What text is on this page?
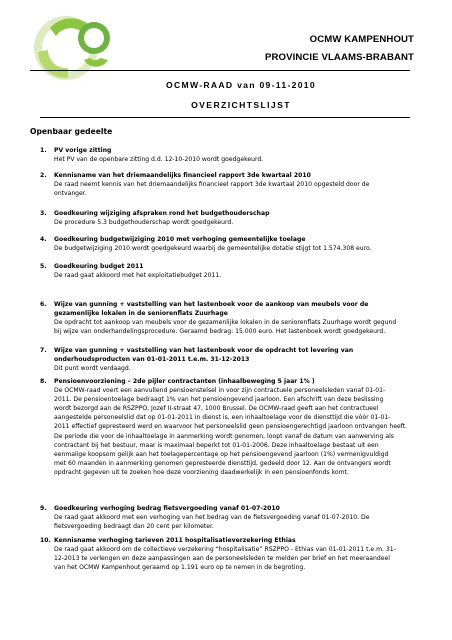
OCMW KAMPENHOUT
PROVINCIE VLAAMS-BRABANT
OCMW-RAAD van 09-11-2010
OVERZICHTSLIJST
Openbaar gedeelte
1. PV vorige zitting

Het PV van de openbare zitting d.d. 12-10-2010 wordt goedgekeurd.

2. Kennisname van het driemaandelijks financieel rapport 3de kwartaal 2010

De raad neemt kennis van het driemaandelijks financieel rapport 3de kwartaal 2010 opgesteld door de

ontvanger.

3. Goedkeuring wijziging afspraken rond het budgethouderschap

De procedure 5.3 budgethouderschap wordt goedgekeurd.

4. Goedkeuring budgetwijziging 2010 met verhoging gemeentelijke toelage

De budgetwijziging 2010 wordt goedgekeurd waarbij de gemeentelijke dotatie stijgt tot 1.574.308 euro.

5. Goedkeuring budget 2011

De raad gaat akkoord met het exploitatiebudget 2011.

6. Wijze van gunning + vaststelling van het lastenboek voor de aankoop van meubels voor de
gezamenlijke lokalen in de seniorenflats Zuurhage

De opdracht tot aankoop van meubels voor de gezamenlijke lokalen in de seniorenflats Zuurhage wordt gegund

bij wijze van onderhandelingsprocedure. Geraamd bedrag: 15.000 euro. Het lastenboek wordt goedgekeurd.

7. Wijze van gunning + vaststelling van het lastenboek voor de opdracht tot levering van
onderhoudsproducten van 01-01-2011 t.e.m. 31-12-2013

Dit punt wordt verdaagd.

8. Pensioenvoorziening – 2de pijler contractanten (inhaalbeweging 5 jaar 1% )

De OCMW-raad voert een aanvullend pensioenstelsel in voor zijn contractuele personeelsleden vanaf 01-01-

2011. De pensioentoelage bedraagt 1% van het pensioengevend jaarloon. Een afschrift van deze beslissing

wordt bezorgd aan de RSZPPO, Jozef II-straat 47, 1000 Brussel. De OCMW-raad geeft aan het contractueel

aangestelde personeelslid dat op 01-01-2011 in dienst is, een inhaaltoelage voor de diensttijd die vóór 01-01-

2011 effectief gepresteerd werd en waarvoor het personeelslid geen pensioengerechtigd jaarloon ontvangen heeft.

De periode die voor de inhaaltoelage in aanmerking wordt genomen, loopt vanaf de datum van aanwerving als

contractant bij het bestuur, maar is maximaal beperkt tot 01-01-2006. Deze inhaaltoelage bestaat uit een

eenmalige koopsom gelijk aan het toelagepercentage op het pensioengevend jaarloon (1%) vermenigvuldigd

met 60 maanden in aanmerking genomen gepresteerde diensttijd, gedeeld door 12. Aan de ontvangers wordt

opdracht gegeven uit te zoeken hoe deze voorziening daadwerkelijk in een pensioenfonds komt.

9. Goedkeuring verhoging bedrag fietsvergoeding vanaf 01-07-2010

De raad gaat akkoord met een verhoging van het bedrag van de fietsvergoeding vanaf 01-07-2010. De

fietsvergoeding bedraagt dan 20 cent per kilometer.

10. Kennisname verhoging tarieven 2011 hospitalisatieverzekering Ethias

De raad gaat akkoord om de collectieve verzekering “hospitalisatie” RSZPPO - Ethias van 01-01-2011 t.e.m. 31-

12-2013 te verlengen en deze aanpassingen aan de personeelsleden te melden per brief en het meeraandeel

van het OCMW Kampenhout geraamd op 1.191 euro op te nemen in de begroting.
